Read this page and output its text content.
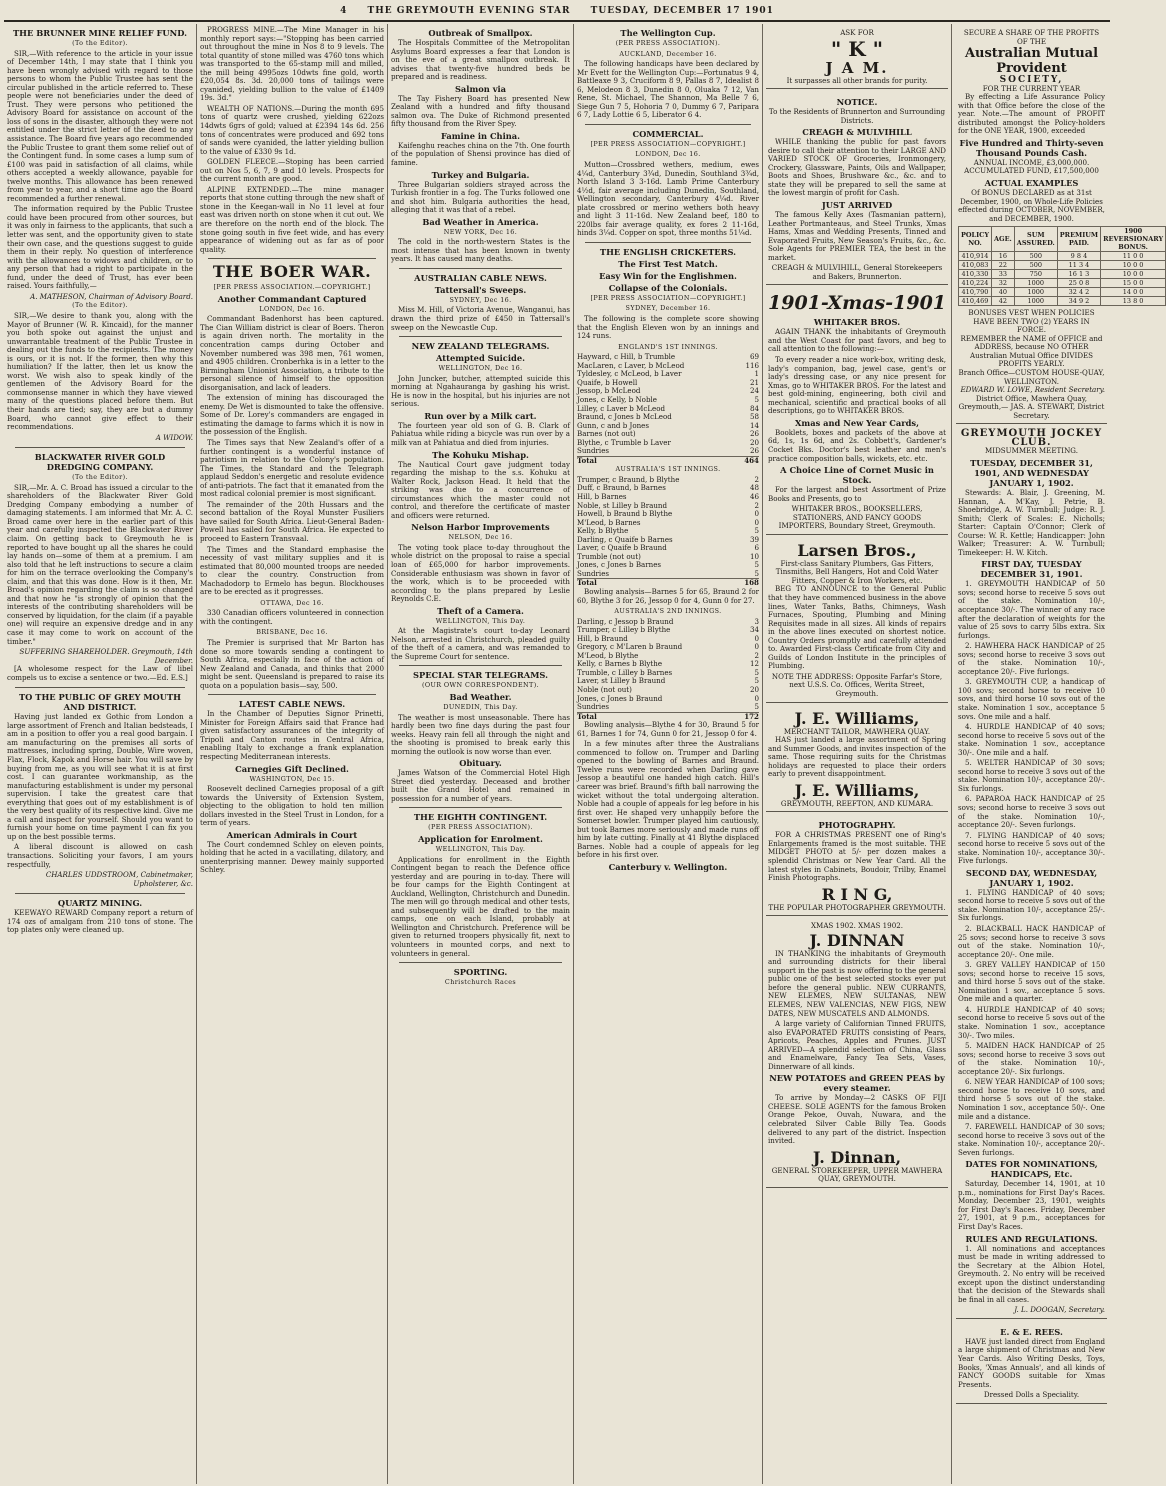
4 THE GREYMOUTH EVENING STAR TUESDAY, DECEMBER 17 1901
THE BRUNNER MINE RELIEF FUND.
(To the Editor).

SIR,—With reference to the article in your issue of December 14th, I may state that I think you have been wrongly advised with regard to those persons to whom the Public Trustee has sent the circular published in the article referred to. These people were not beneficiaries under the deed of Trust. They were persons who petitioned the Advisory Board for assistance on account of the loss of sons in the disaster, although they were not entitled under the strict letter of the deed to any assistance. The Board five years ago recommended the Public Trustee to grant them some relief out of the Contingent fund. In some cases a lump sum of £100 was paid in satisfaction of all claims, while others accepted a weekly allowance, payable for twelve months. This allowance has been renewed from year to year, and a short time ago the Board recommended a further renewal.

The information required by the Public Trustee could have been procured from other sources, but it was only in fairness to the applicants, that such a letter was sent, and the opportunity given to state their own case, and the questions suggest to guide them in their reply. No question of interference with the allowances to widows and children, or to any person that had a right to participate in the fund, under the deed of Trust, has ever been raised. Yours faithfully,—

A. MATHESON, Chairman of Advisory Board.
(To the Editor).

SIR,—We desire to thank you, along with the Mayor of Brunner (W. R. Kincaid), for the manner you both spoke out against the unjust and unwarrantable treatment of the Public Trustee in dealing out the funds to the recipients. The money is ours, or it is not. If the former, then why this humiliation? If the latter, then let us know the worst. We wish also to speak kindly of the gentlemen of the Advisory Board for the commonsense manner in which they have viewed many of the questions placed before them. But their hands are tied; say, they are but a dummy Board, who cannot give effect to their recommendations.

A WIDOW.
BLACKWATER RIVER GOLD DREDGING COMPANY.
(To the Editor).

SIR,—Mr. A. C. Broad has issued a circular to the shareholders of the Blackwater River Gold Dredging Company embodying a number of damaging statements. I am informed that Mr. A. C. Broad came over here in the earlier part of this year and carefully inspected the Blackwater River claim. On getting back to Greymouth he is reported to have bought up all the shares he could lay hands on—some of them at a premium. I am also told that he left instructions to secure a claim for him on the terrace overlooking the Company's claim, and that this was done. How is it then, Mr. Broad's opinion regarding the claim is so changed and that now he "is strongly of opinion that the interests of the contributing shareholders will be conserved by liquidation, for the claim (if a payable one) will require an expensive dredge and in any case it may come to work on account of the timber."

SUFFERING SHAREHOLDER. Greymouth, 14th December.

[A wholesome respect for the Law of libel compels us to excise a sentence or two.—Ed. E.S.]

TO THE PUBLIC OF GREY MOUTH AND DISTRICT.

Having just landed ex Gothic from London a large assortment of French and Italian bedsteads, I am in a position to offer you a real good bargain. I am manufacturing on the premises all sorts of mattresses, including spring, Double, Wire woven, Flax, Flock, Kapok and Horse hair. You will save by buying from me, as you will see what it is at first cost. I can guarantee workmanship, as the manufacturing establishment is under my personal supervision. I take the greatest care that everything that goes out of my establishment is of the very best quality of its respective kind. Give me a call and inspect for yourself. Should you want to furnish your home on time payment I can fix you up on the best possible terms.

A liberal discount is allowed on cash transactions. Soliciting your favors, I am yours respectfully,

CHARLES UDDSTROOM, Cabinetmaker, Upholsterer, &c.
QUARTZ MINING.

KEEWAYO REWARD Company report a return of 174 ozs of amalgam from 210 tons of stone. The top plates only were cleaned up.

PROGRESS MINE.—The Mine Manager in his monthly report says:—"Stopping has been carried out throughout the mine in Nos 8 to 9 levels. The total quantity of stone milled was 4760 tons which was transported to the 65-stamp mill and milled, the mill being 4995ozs 10dwts fine gold, worth £20,054 8s. 3d. 20,000 tons of tailings were cyanided, yielding bullion to the value of £1409 19s. 3d."

WEALTH OF NATIONS.—During the month 695 tons of quartz were crushed, yielding 622ozs 14dwts 6grs of gold; valued at £2394 14s 6d. 256 tons of concentrates were produced and 692 tons of sands were cyanided, the latter yielding bullion to the value of £330 9s 1d.

GOLDEN FLEECE.—Stoping has been carried out on Nos 5, 6, 7, 9 and 10 levels. Prospects for the current month are good.

ALPINE EXTENDED.—The mine manager reports that stone cutting through the new shaft of stone in the Keegan-wall in No 11 level at four east was driven north on stone when it cut out. We are therefore on the north end of the block. The stone going south in five feet wide, and has every appearance of widening out as far as of poor quality.

THE BOER WAR.
[PER PRESS ASSOCIATION.—COPYRIGHT.]
Another Commandant Captured
LONDON, Dec 16.

Commandant Badenhorst has been captured. The Cian William district is clear of Boers. Theron is again driven north. The mortality in the concentration camps during October and November numbered was 398 men, 761 women, and 4905 children. Cronberhka is in a letter to the Birmingham Unionist Association, a tribute to the personal silence of himself to the opposition disorganisation, and lack of leaders.

The extension of mining has discouraged the enemy. De Wet is dismounted to take the offensive. Some of Dr. Lorey's commanders are engaged in estimating the damage to farms which it is now in the possession of the English.

The Times says that New Zealand's offer of a further contingent is a wonderful instance of patriotism in relation to the Colony's population. The Times, the Standard and the Telegraph applaud Seddon's energetic and resolute evidence of anti-patriots. The fact that it emanated from the most radical colonial premier is most significant.

The remainder of the 20th Hussars and the second battalion of the Royal Munster Fusiliers have sailed for South Africa. Lieut-General Baden-Powell has sailed for South Africa. He expected to proceed to Eastern Transvaal.

The Times and the Standard emphasise the necessity of vast military supplies and it is estimated that 80,000 mounted troops are needed to clear the country. Construction from Machadodorp to Ermelo has begun. Blockhouses are to be erected as it progresses.

OTTAWA, Dec 16.

330 Canadian officers volunteered in connection with the contingent.

BRISBANE, Dec 16.

The Premier is surprised that Mr Barton has done so more towards sending a contingent to South Africa, especially in face of the action of New Zealand and Canada, and thinks that 2000 might be sent. Queensland is prepared to raise its quota on a population basis—say, 500.

LATEST CABLE NEWS.

In the Chamber of Deputies Signor Prinetti, Minister for Foreign Affairs said that France had given satisfactory assurances of the integrity of Tripoli and Canton routes in Central Africa, enabling Italy to exchange a frank explanation respecting Mediterranean interests.

Carnegies Gift Declined.
WASHINGTON, Dec 15.

Roosevelt declined Carnegies proposal of a gift towards the University of Extension System, objecting to the obligation to hold ten million dollars invested in the Steel Trust in London, for a term of years.

American Admirals in Court

The Court condemned Schley on eleven points, holding that he acted in a vacillating, dilatory, and unenterprising manner. Dewey mainly supported Schley.

Outbreak of Smallpox.

The Hospitals Committee of the Metropolitan Asylums Board expresses a fear that London is on the eve of a great smallpox outbreak. It advises that twenty-five hundred beds be prepared and is readiness.

Salmon via

The Tay Fishery Board has presented New Zealand with a hundred and fifty thousand salmon ova. The Duke of Richmond presented fifty thousand from the River Spey.

Famine in China.

Kaifenghu reaches china on the 7th. One fourth of the population of Shensi province has died of famine.

Turkey and Bulgaria.

Three Bulgarian soldiers strayed across the Turkish frontier in a fog. The Turks followed one and shot him. Bulgaria authorities the head, alleging that it was that of a rebel.

Bad Weather in America.
NEW YORK, Dec 16.

The cold in the north-western States is the most intense that has been known in twenty years. It has caused many deaths.

AUSTRALIAN CABLE NEWS.
Tattersall's Sweeps.
SYDNEY, Dec 16.

Miss M. Hill, of Victoria Avenue, Wanganui, has drawn the third prize of £450 in Tattersall's sweep on the Newcastle Cup.

NEW ZEALAND TELEGRAMS.
Attempted Suicide.
WELLINGTON, Dec 16.

John Juncker, butcher, attempted suicide this morning at Ngahauranga by gashing his wrist. He is now in the hospital, but his injuries are not serious.

Run over by a Milk cart.

The fourteen year old son of G. B. Clark of Pahiatua while riding a bicycle was run over by a milk van at Pahiatua and died from injuries.

The Kohuku Mishap.

The Nautical Court gave judgment today regarding the mishap to the s.s. Kohuku at Walter Rock, Jackson Head. It held that the striking was due to a concurrence of circumstances which the master could not control, and therefore the certificate of master and officers were returned.

Nelson Harbor Improvements
NELSON, Dec 16.

The voting took place to-day throughout the whole district on the proposal to raise a special loan of £65,000 for harbor improvements. Considerable enthusiasm was shown in favor of the work, which is to be proceeded with according to the plans prepared by Leslie Reynolds C.E.

Theft of a Camera.
WELLINGTON, This Day.

At the Magistrate's court to-day Leonard Nelson, arrested in Christchurch, pleaded guilty of the theft of a camera, and was remanded to the Supreme Court for sentence.

SPECIAL STAR TELEGRAMS.
(OUR OWN CORRESPONDENT).
Bad Weather.
DUNEDIN, This Day.

The weather is most unseasonable. There has hardly been two fine days during the past four weeks. Heavy rain fell all through the night and the shooting is promised to break early this morning the outlook is now worse than ever.

Obituary.

James Watson of the Commercial Hotel High Street died yesterday. Deceased and brother built the Grand Hotel and remained in possession for a number of years.

THE EIGHTH CONTINGENT.
(PER PRESS ASSOCIATION).
Application for Enrolment.
WELLINGTON, This Day.

Applications for enrollment in the Eighth Contingent began to reach the Defence office yesterday and are pouring in to-day. There will be four camps for the Eighth Contingent at Auckland, Wellington, Christchurch and Dunedin. The men will go through medical and other tests, and subsequently will be drafted to the main camps, one on each Island, probably at Wellington and Christchurch. Preference will be given to returned troopers physically fit, next to volunteers in mounted corps, and next to volunteers in general.

SPORTING.
Christchurch Races
The Wellington Cup.
(PER PRESS ASSOCIATION).
AUCKLAND, December 16.

The following handicaps have been declared by Mr Evett for the Wellington Cup:—Fortunatus 9 4, Battleaxe 9 3, Cruciform 8 9, Pallas 8 7, Idealist 8 6, Melodeon 8 3, Dunedin 8 0, Oluaka 7 12, Van Rene, St. Michael, The Shannon, Ma Belle 7 6, Siege Gun 7 5, Hohoria 7 0, Dummy 6 7, Paripara 6 7, Lady Lottie 6 5, Liberator 6 4.

COMMERCIAL.
[PER PRESS ASSOCIATION—COPYRIGHT.]
LONDON, Dec 16.

Mutton—Crossbred wethers, medium, ewes 4¼d, Canterbury 3¾d, Dunedin, Southland 3¾d, North Island 3 3-16d. Lamb Prime Canterbury 4½d, fair average including Dunedin, Southland, Wellington secondary, Canterbury 4¼d. River plate crossbred or merino wethers both heavy and light 3 11-16d. New Zealand beef, 180 to 220lbs fair average quality, ex fores 2 11-16d, hinds 3¼d. Copper on spot, three months 51¼d.

THE ENGLISH CRICKETERS.
The First Test Match.
Easy Win for the Englishmen.
Collapse of the Colonials.
[PER PRESS ASSOCIATION—COPYRIGHT.]
SYDNEY, December 16.

The following is the complete score showing that the English Eleven won by an innings and 124 runs.

ENGLAND'S 1ST INNINGS.
Hayward, c Hill, b Trumble	69
MacLaren, c Laver, b McLeod	116
Tyldesley, c McLeod, b Laver	1
Quaife, b Howell	21
Jessop, b McLeod	24
Jones, c Kelly, b Noble	5
Lilley, c Laver b McLeod	84
Braund, c Jones b McLeod	58
Gunn, c and b Jones	14
Barnes (not out)	26
Blythe, c Trumble b Laver	20
Sundries	26
Total	464
AUSTRALIA'S 1ST INNINGS.
Trumper, c Braund, b Blythe	2
Duff, c Braund, b Barnes	48
Hill, b Barnes	46
Noble, st Lilley b Braund	2
Howell, b Braund b Blythe	0
M'Leod, b Barnes	0
Kelly, b Blythe	5
Darling, c Quaife b Barnes	39
Laver, c Quaife b Braund	6
Trumble (not out)	10
Jones, c Jones b Barnes	5
Sundries	5
Total	168

Bowling analysis—Barnes 5 for 65, Braund 2 for 60, Blythe 3 for 26, Jessop 0 for 4, Gunn 0 for 27.

AUSTRALIA'S 2ND INNINGS.
Darling, c Jessop b Braund	3
Trumper, c Lilley b Blythe	34
Hill, b Braund	0
Gregory, c M'Laren b Braund	0
M'Leod, b Blythe	2
Kelly, c Barnes b Blythe	12
Trumble, c Lilley b Barnes	5
Laver, st Lilley b Braund	5
Noble (not out)	20
Jones, c Jones b Braund	0
Sundries	5
Total	172

Bowling analysis—Blythe 4 for 30, Braund 5 for 61, Barnes 1 for 74, Gunn 0 for 21, Jessop 0 for 4.

In a few minutes after three the Australians commenced to follow on. Trumper and Darling opened to the bowling of Barnes and Braund. Twelve runs were recorded when Darling gave Jessop a beautiful one handed high catch. Hill's career was brief. Braund's fifth ball narrowing the wicket without the total undergoing alteration. Noble had a couple of appeals for leg before in his first over. He shaped very unhappily before the Somerset bowler. Trumper played him cautiously, but took Barnes more seriously and made runs off him by late cutting. Finally at 41 Blythe displaced Barnes. Noble had a couple of appeals for leg before in his first over.

Canterbury v. Wellington.
ASK FOR
" K "
J A M.
It surpasses all other brands for purity.
NOTICE.
To the Residents of Brunnerton and Surrounding Districts.
CREAGH & MULVIHILL

WHILE thanking the public for past favors desire to call their attention to their LARGE AND VARIED STOCK OF Groceries, Ironmongery, Crockery, Glassware, Paints, Oils and Wallpaper, Boots and Shoes, Brushware &c., &c. and to state they will be prepared to sell the same at the lowest margin of profit for Cash.

JUST ARRIVED

The famous Kelly Axes (Tasmanian pattern), Leather Portmanteaus, and Steel Trunks, Xmas Hams, Xmas and Wedding Presents, Tinned and Evaporated Fruits, New Season's Fruits, &c., &c. Sole Agents for PREMIER TEA, the best in the market.

CREAGH & MULVIHILL, General Storekeepers and Bakers, Brunnerton.
1901-Xmas-1901
WHITAKER BROS.

AGAIN THANK the inhabitants of Greymouth and the West Coast for past favors, and beg to call attention to the following:—

To every reader a nice work-box, writing desk, lady's companion, bag, jewel case, gent's or lady's dressing case, or any nice present for Xmas, go to WHITAKER BROS. For the latest and best gold-mining, engineering, both civil and mechanical, scientific and practical books of all descriptions, go to WHITAKER BROS.

Xmas and New Year Cards,

Booklets, boxes and packets of the above at 6d, 1s, 1s 6d, and 2s. Cobbett's, Gardener's Cocket Bks. Doctor's best leather and men's practice composition balls, wickets, etc. etc.

A Choice Line of Cornet Music in Stock.

For the largest and best Assortment of Prize Books and Presents, go to

WHITAKER BROS., BOOKSELLERS, STATIONERS, AND FANCY GOODS IMPORTERS, Boundary Street, Greymouth.
Larsen Bros.,
First-class Sanitary Plumbers, Gas Fitters, Tinsmiths, Bell Hangers, Hot and Cold Water Fitters, Copper & Iron Workers, etc.

BEG TO ANNOUNCE to the General Public that they have commenced business in the above lines, Water Tanks, Baths, Chimneys, Wash Furnaces, Spouting, Plumbing and Mining Requisites made in all sizes. All kinds of repairs in the above lines executed on shortest notice. Country Orders promptly and carefully attended to. Awarded First-class Certificate from City and Guilds of London Institute in the principles of Plumbing.

NOTE THE ADDRESS: Opposite Farfar's Store, next U.S.S. Co. Offices, Werita Street, Greymouth.
J. E. Williams,
MERCHANT TAILOR, MAWHERA QUAY.

HAS just landed a large assortment of Spring and Summer Goods, and invites inspection of the same. Those requiring suits for the Christmas holidays are requested to place their orders early to prevent disappointment.

J. E. Williams,
GREYMOUTH, REEFTON, AND KUMARA.
PHOTOGRAPHY.

FOR A CHRISTMAS PRESENT one of Ring's Enlargements framed is the most suitable. THE MIDGET PHOTO at 5/- per dozen makes a splendid Christmas or New Year Card. All the latest styles in Cabinets, Boudoir, Trilby, Enamel Finish Photographs.

R I N G,
THE POPULAR PHOTOGRAPHER GREYMOUTH.
XMAS 1902. XMAS 1902.
J. DINNAN

IN THANKING the inhabitants of Greymouth and surrounding districts for their liberal support in the past is now offering to the general public one of the best selected stocks ever put before the general public. NEW CURRANTS, NEW ELEMES, NEW SULTANAS, NEW ELEMES, NEW VALENCIAS, NEW FIGS, NEW DATES, NEW MUSCATELS AND ALMONDS.

A large variety of Californian Tinned FRUITS, also EVAPORATED FRUITS consisting of Pears, Apricots, Peaches, Apples and Prunes. JUST ARRIVED—A splendid selection of China, Glass and Enamelware, Fancy Tea Sets, Vases, Dinnerware of all kinds.

NEW POTATOES and GREEN PEAS by every steamer.

To arrive by Monday—2 CASKS OF FIJI CHEESE. SOLE AGENTS for the famous Broken Orange Pekoe, Ouvah, Nuwara, and the celebrated Silver Cable Billy Tea. Goods delivered to any part of the district. Inspection invited.

J. Dinnan,
GENERAL STOREKEEPER, UPPER MAWHERA QUAY, GREYMOUTH.
SECURE A SHARE OF THE PROFITS OF THE
Australian Mutual Provident
SOCIETY,
FOR THE CURRENT YEAR

By effecting a Life Assurance Policy with that Office before the close of the year. Note.—The amount of PROFIT distributed amongst the Policy-holders for the ONE YEAR, 1900, exceeded

Five Hundred and Thirty-seven Thousand Pounds Cash.
ANNUAL INCOME, £3,000,000. ACCUMULATED FUND, £17,500,000
ACTUAL EXAMPLES
Of BONUS DECLARED as at 31st December, 1900, on Whole-Life Policies effected during OCTOBER, NOVEMBER, and DECEMBER, 1900.
POLICY NO.	AGE.	SUM ASSURED.	PREMIUM PAID.	1900 REVERSIONARY BONUS.
410,914	16	500	9 8 4	11 0 0
410,083	22	500	11 3 4	10 0 0
410,330	33	750	16 1 3	10 0 0
410,224	32	1000	25 0 8	15 0 0
410,790	40	1000	32 4 2	14 0 0
410,469	42	1000	34 9 2	13 8 0
BONUSES VEST WHEN POLICIES HAVE BEEN TWO (2) YEARS IN FORCE.
REMEMBER the NAME of OFFICE and ADDRESS, because NO OTHER Australian Mutual Office DIVIDES PROFITS YEARLY.
Branch Office—CUSTOM HOUSE-QUAY, WELLINGTON.
EDWARD W. LOWE, Resident Secretary.
District Office, Mawhera Quay, Greymouth,— JAS. A. STEWART, District Secretary.
GREYMOUTH JOCKEY CLUB.
MIDSUMMER MEETING.
TUESDAY, DECEMBER 31, 1901, AND WEDNESDAY JANUARY 1, 1902.

Stewards: A. Blair, J. Greening, M. Hannan, A. M'Kay, J. Petrie, B. Shoebridge, A. W. Turnbull; Judge: R. J. Smith; Clerk of Scales: E. Nicholls; Starter: Captain O'Connor; Clerk of Course: W. R. Kettle; Handicapper: John Walker; Treasurer: A. W. Turnbull; Timekeeper: H. W. Kitch.

FIRST DAY, TUESDAY DECEMBER 31, 1901.

1. GREYMOUTH HANDICAP of 50 sovs; second horse to receive 5 sovs out of the stake. Nomination 10/-, acceptance 30/-. The winner of any race after the declaration of weights for the value of 25 sovs to carry 5lbs extra. Six furlongs.

2. HAWHERA HACK HANDICAP of 25 sovs; second horse to receive 3 sovs out of the stake. Nomination 10/-, acceptance 20/-. Five furlongs.

3. GREYMOUTH CUP, a handicap of 100 sovs; second horse to receive 10 sovs, and third horse 10 sovs out of the stake. Nomination 1 sov., acceptance 5 sovs. One mile and a half.

4. HURDLE HANDICAP of 40 sovs; second horse to receive 5 sovs out of the stake. Nomination 1 sov., acceptance 30/-. One mile and a half.

5. WELTER HANDICAP of 30 sovs; second horse to receive 3 sovs out of the stake. Nomination 10/-, acceptance 20/-. Six furlongs.

6. PAPAROA HACK HANDICAP of 25 sovs; second horse to receive 3 sovs out of the stake. Nomination 10/-, acceptance 20/-. Seven furlongs.

7. FLYING HANDICAP of 40 sovs; second horse to receive 5 sovs out of the stake. Nomination 10/-, acceptance 30/-. Five furlongs.

SECOND DAY, WEDNESDAY, JANUARY 1, 1902.

1. FLYING HANDICAP of 40 sovs; second horse to receive 5 sovs out of the stake. Nomination 10/-, acceptance 25/-. Six furlongs.

2. BLACKBALL HACK HANDICAP of 25 sovs; second horse to receive 3 sovs out of the stake. Nomination 10/-, acceptance 20/-. One mile.

3. GREY VALLEY HANDICAP of 150 sovs; second horse to receive 15 sovs, and third horse 5 sovs out of the stake. Nomination 1 sov., acceptance 5 sovs. One mile and a quarter.

4. HURDLE HANDICAP of 40 sovs; second horse to receive 5 sovs out of the stake. Nomination 1 sov., acceptance 30/-. Two miles.

5. MAIDEN HACK HANDICAP of 25 sovs; second horse to receive 3 sovs out of the stake. Nomination 10/-, acceptance 20/-. Six furlongs.

6. NEW YEAR HANDICAP of 100 sovs; second horse to receive 10 sovs, and third horse 5 sovs out of the stake. Nomination 1 sov., acceptance 50/-. One mile and a distance.

7. FAREWELL HANDICAP of 30 sovs; second horse to receive 3 sovs out of the stake. Nomination 10/-, acceptance 20/-. Seven furlongs.

DATES FOR NOMINATIONS, HANDICAPS, Etc.

Saturday, December 14, 1901, at 10 p.m., nominations for First Day's Races. Monday, December 23, 1901, weights for First Day's Races. Friday, December 27, 1901, at 9 p.m., acceptances for First Day's Races.

RULES AND REGULATIONS.

1. All nominations and acceptances must be made in writing addressed to the Secretary at the Albion Hotel, Greymouth. 2. No entry will be received except upon the distinct understanding that the decision of the Stewards shall be final in all cases.

J. L. DOOGAN, Secretary.
E. & E. REES.

HAVE just landed direct from England a large shipment of Christmas and New Year Cards. Also Writing Desks, Toys, Books, 'Xmas Annuals', and all kinds of FANCY GOODS suitable for Xmas Presents.

Dressed Dolls a Speciality.
